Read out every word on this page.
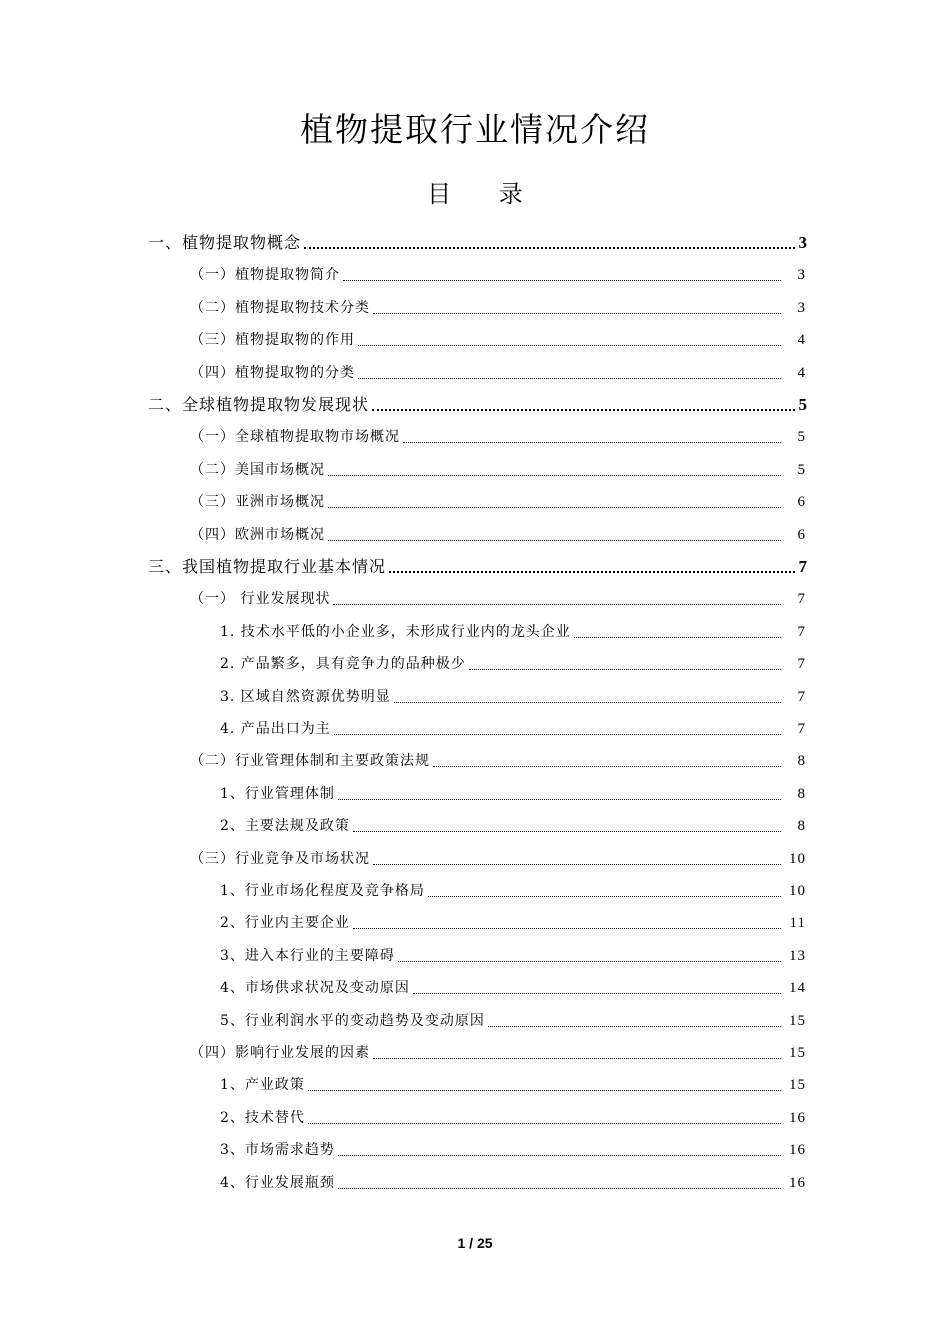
植物提取行业情况介绍
目 录
一、植物提取物概念	3
（一）植物提取物简介	3
（二）植物提取物技术分类	3
（三）植物提取物的作用	4
（四）植物提取物的分类	4
二、全球植物提取物发展现状	5
（一）全球植物提取物市场概况	5
（二）美国市场概况	5
（三）亚洲市场概况	6
（四）欧洲市场概况	6
三、我国植物提取行业基本情况	7
（一） 行业发展现状	7
1. 技术水平低的小企业多，未形成行业内的龙头企业	7
2. 产品繁多，具有竞争力的品种极少	7
3. 区域自然资源优势明显	7
4. 产品出口为主	7
（二）行业管理体制和主要政策法规	8
1、行业管理体制	8
2、主要法规及政策	8
（三）行业竞争及市场状况	10
1、行业市场化程度及竞争格局	10
2、行业内主要企业	11
3、进入本行业的主要障碍	13
4、市场供求状况及变动原因	14
5、行业利润水平的变动趋势及变动原因	15
（四）影响行业发展的因素	15
1、产业政策	15
2、技术替代	16
3、市场需求趋势	16
4、行业发展瓶颈	16
1 / 25
